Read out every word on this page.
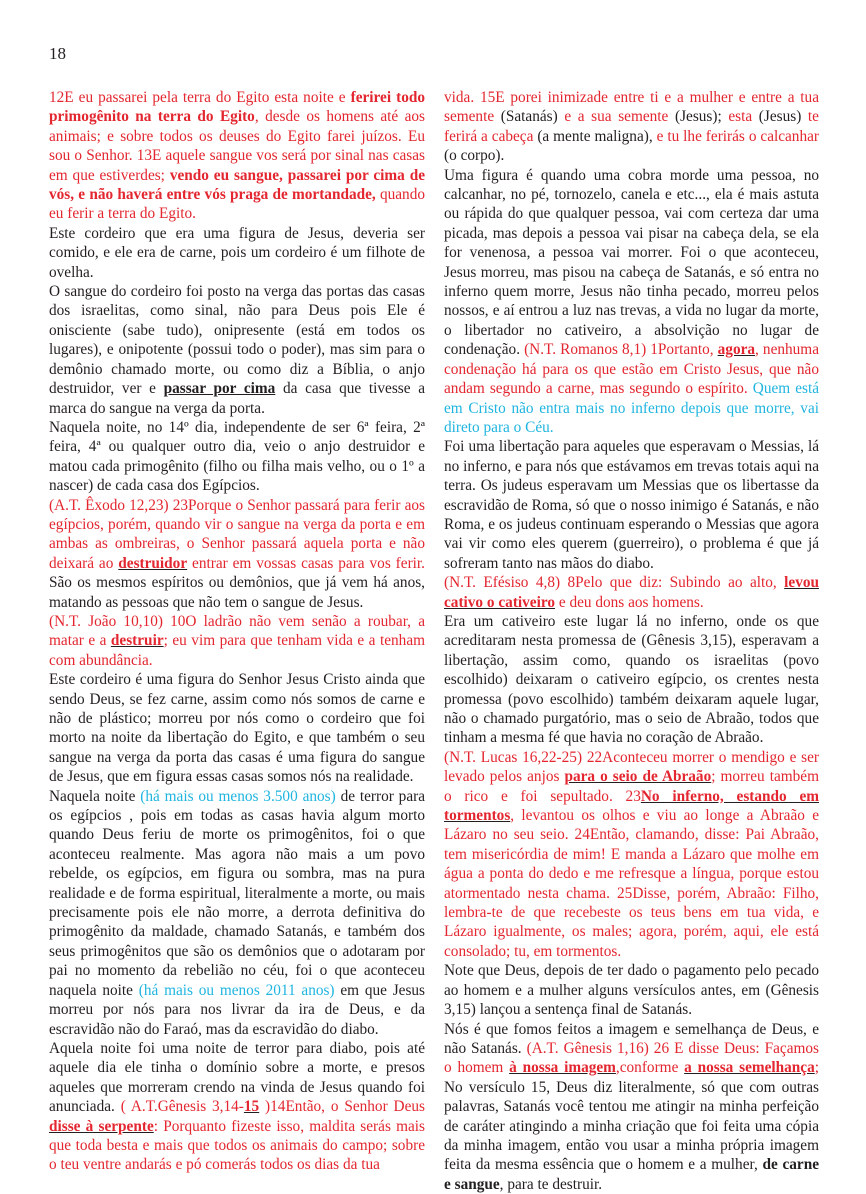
18

12E eu passarei pela terra do Egito esta noite e ferirei todo primogênito na terra do Egito, desde os homens até aos animais; e sobre todos os deuses do Egito farei juízos. Eu sou o Senhor. 13E aquele sangue vos será por sinal nas casas em que estiverdes; vendo eu sangue, passarei por cima de vós, e não haverá entre vós praga de mortandade, quando eu ferir a terra do Egito.

Este cordeiro que era uma figura de Jesus, deveria ser comido, e ele era de carne, pois um cordeiro é um filhote de ovelha.

O sangue do cordeiro foi posto na verga das portas das casas dos israelitas, como sinal, não para Deus pois Ele é onisciente (sabe tudo), onipresente (está em todos os lugares), e onipotente (possui todo o poder), mas sim para o demônio chamado morte, ou como diz a Bíblia, o anjo destruidor, ver e passar por cima da casa que tivesse a marca do sangue na verga da porta.

Naquela noite, no 14º dia, independente de ser 6ª feira, 2ª feira, 4ª ou qualquer outro dia, veio o anjo destruidor e matou cada primogênito (filho ou filha mais velho, ou o 1º a nascer) de cada casa dos Egípcios.

(A.T. Êxodo 12,23) 23Porque o Senhor passará para ferir aos egípcios, porém, quando vir o sangue na verga da porta e em ambas as ombreiras, o Senhor passará aquela porta e não deixará ao destruidor entrar em vossas casas para vos ferir. São os mesmos espíritos ou demônios, que já vem há anos, matando as pessoas que não tem o sangue de Jesus.

(N.T. João 10,10) 10O ladrão não vem senão a roubar, a matar e a destruir; eu vim para que tenham vida e a tenham com abundância.

Este cordeiro é uma figura do Senhor Jesus Cristo ainda que sendo Deus, se fez carne, assim como nós somos de carne e não de plástico; morreu por nós como o cordeiro que foi morto na noite da libertação do Egito, e que também o seu sangue na verga da porta das casas é uma figura do sangue de Jesus, que em figura essas casas somos nós na realidade.

Naquela noite (há mais ou menos 3.500 anos) de terror para os egípcios , pois em todas as casas havia algum morto quando Deus feriu de morte os primogênitos, foi o que aconteceu realmente. Mas agora não mais a um povo rebelde, os egípcios, em figura ou sombra, mas na pura realidade e de forma espiritual, literalmente a morte, ou mais precisamente pois ele não morre, a derrota definitiva do primogênito da maldade, chamado Satanás, e também dos seus primogênitos que são os demônios que o adotaram por pai no momento da rebelião no céu, foi o que aconteceu naquela noite (há mais ou menos 2011 anos) em que Jesus morreu por nós para nos livrar da ira de Deus, e da escravidão não do Faraó, mas da escravidão do diabo.

Aquela noite foi uma noite de terror para diabo, pois até aquele dia ele tinha o domínio sobre a morte, e presos aqueles que morreram crendo na vinda de Jesus quando foi anunciada. ( A.T.Gênesis 3,14-15 )14Então, o Senhor Deus disse à serpente: Porquanto fizeste isso, maldita serás mais que toda besta e mais que todos os animais do campo; sobre o teu ventre andarás e pó comerás todos os dias da tua

vida. 15E porei inimizade entre ti e a mulher e entre a tua semente (Satanás) e a sua semente (Jesus); esta (Jesus) te ferirá a cabeça (a mente maligna), e tu lhe ferirás o calcanhar (o corpo).

Uma figura é quando uma cobra morde uma pessoa, no calcanhar, no pé, tornozelo, canela e etc..., ela é mais astuta ou rápida do que qualquer pessoa, vai com certeza dar uma picada, mas depois a pessoa vai pisar na cabeça dela, se ela for venenosa, a pessoa vai morrer. Foi o que aconteceu, Jesus morreu, mas pisou na cabeça de Satanás, e só entra no inferno quem morre, Jesus não tinha pecado, morreu pelos nossos, e aí entrou a luz nas trevas, a vida no lugar da morte, o libertador no cativeiro, a absolvição no lugar de condenação. (N.T. Romanos 8,1) 1Portanto, agora, nenhuma condenação há para os que estão em Cristo Jesus, que não andam segundo a carne, mas segundo o espírito. Quem está em Cristo não entra mais no inferno depois que morre, vai direto para o Céu.

Foi uma libertação para aqueles que esperavam o Messias, lá no inferno, e para nós que estávamos em trevas totais aqui na terra. Os judeus esperavam um Messias que os libertasse da escravidão de Roma, só que o nosso inimigo é Satanás, e não Roma, e os judeus continuam esperando o Messias que agora vai vir como eles querem (guerreiro), o problema é que já sofreram tanto nas mãos do diabo.

(N.T. Efésiso 4,8) 8Pelo que diz: Subindo ao alto, levou cativo o cativeiro e deu dons aos homens.

Era um cativeiro este lugar lá no inferno, onde os que acreditaram nesta promessa de (Gênesis 3,15), esperavam a libertação, assim como, quando os israelitas (povo escolhido) deixaram o cativeiro egípcio, os crentes nesta promessa (povo escolhido) também deixaram aquele lugar, não o chamado purgatório, mas o seio de Abraão, todos que tinham a mesma fé que havia no coração de Abraão.

(N.T. Lucas 16,22-25) 22Aconteceu morrer o mendigo e ser levado pelos anjos para o seio de Abraão; morreu também o rico e foi sepultado. 23No inferno, estando em tormentos, levantou os olhos e viu ao longe a Abraão e Lázaro no seu seio. 24Então, clamando, disse: Pai Abraão, tem misericórdia de mim! E manda a Lázaro que molhe em água a ponta do dedo e me refresque a língua, porque estou atormentado nesta chama. 25Disse, porém, Abraão: Filho, lembra-te de que recebeste os teus bens em tua vida, e Lázaro igualmente, os males; agora, porém, aqui, ele está consolado; tu, em tormentos.

Note que Deus, depois de ter dado o pagamento pelo pecado ao homem e a mulher alguns versículos antes, em (Gênesis 3,15) lançou a sentença final de Satanás.

Nós é que fomos feitos a imagem e semelhança de Deus, e não Satanás. (A.T. Gênesis 1,16) 26 E disse Deus: Façamos o homem à nossa imagem,conforme a nossa semelhança; No versículo 15, Deus diz literalmente, só que com outras palavras, Satanás você tentou me atingir na minha perfeição de caráter atingindo a minha criação que foi feita uma cópia da minha imagem, então vou usar a minha própria imagem feita da mesma essência que o homem e a mulher, de carne e sangue, para te destruir.
